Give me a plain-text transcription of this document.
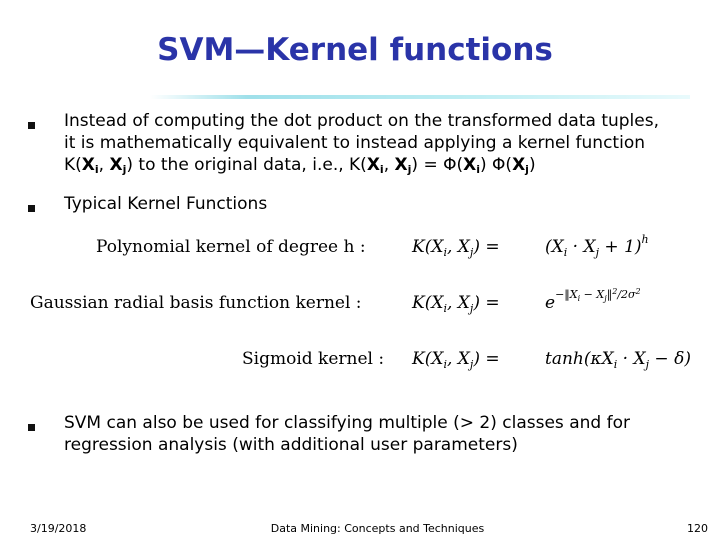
SVM—Kernel functions
Instead of computing the dot product on the transformed data tuples,
it is mathematically equivalent to instead applying a kernel function
$K(X_i$, $X_j$) to the original data, i.e., $K(X_i$, $X_j) = \Phi(X_i)$ $\Phi(X_j)$
Typical Kernel Functions
Polynomial kernel of degree h :	$K(X_i$, $X_j$) =	$(X_i \cdot X_j + 1)^h$
Gaussian radial basis function kernel :	$K(X_i$, $X_j$) =	$e^{-‖X}i$ − Xj‖$^2_{/2\sigma}^2$
Sigmoid kernel : $K(X_i$, $X_j$) =	$\tanh(\kappa X_i \cdot X_j - \delta)$
SVM can also be used for classifying multiple (> 2) classes and for
regression analysis (with additional user parameters)
3/19/2018	Data Mining: Concepts and Techniques	120
